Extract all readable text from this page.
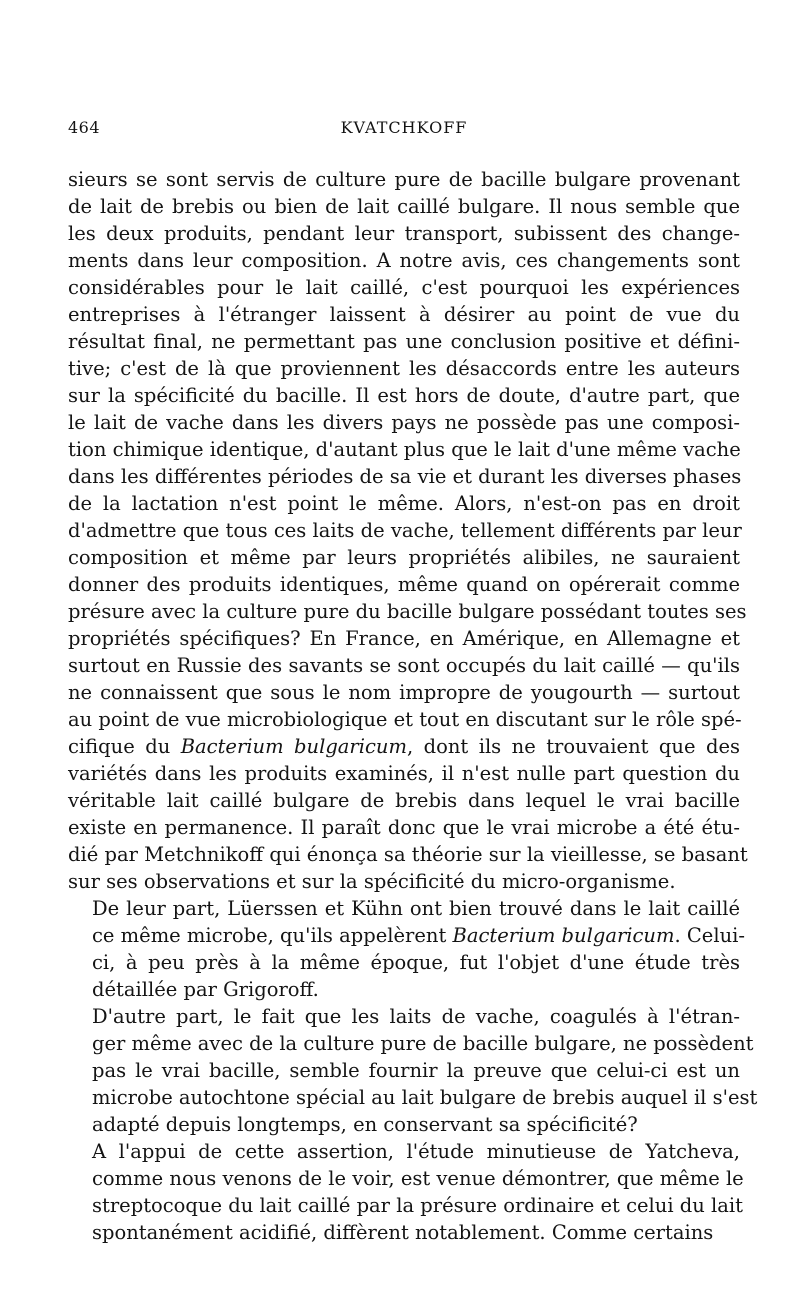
464	KVATCHKOFF

sieurs se sont servis de culture pure de bacille bulgare provenant
de lait de brebis ou bien de lait caillé bulgare. Il nous semble que
les deux produits, pendant leur transport, subissent des change-
ments dans leur composition. A notre avis, ces changements sont
considérables pour le lait caillé, c'est pourquoi les expériences
entreprises à l'étranger laissent à désirer au point de vue du
résultat final, ne permettant pas une conclusion positive et défini-
tive; c'est de là que proviennent les désaccords entre les auteurs
sur la spécificité du bacille. Il est hors de doute, d'autre part, que
le lait de vache dans les divers pays ne possède pas une composi-
tion chimique identique, d'autant plus que le lait d'une même vache
dans les différentes périodes de sa vie et durant les diverses phases
de la lactation n'est point le même. Alors, n'est-on pas en droit
d'admettre que tous ces laits de vache, tellement différents par leur
composition et même par leurs propriétés alibiles, ne sauraient
donner des produits identiques, même quand on opérerait comme
présure avec la culture pure du bacille bulgare possédant toutes ses
propriétés spécifiques? En France, en Amérique, en Allemagne et
surtout en Russie des savants se sont occupés du lait caillé — qu'ils
ne connaissent que sous le nom impropre de yougourth — surtout
au point de vue microbiologique et tout en discutant sur le rôle spé-
cifique du Bacterium bulgaricum, dont ils ne trouvaient que des
variétés dans les produits examinés, il n'est nulle part question du
véritable lait caillé bulgare de brebis dans lequel le vrai bacille
existe en permanence. Il paraît donc que le vrai microbe a été étu-
dié par Metchnikoff qui énonça sa théorie sur la vieillesse, se basant
sur ses observations et sur la spécificité du micro-organisme.

De leur part, Lüerssen et Kühn ont bien trouvé dans le lait caillé
ce même microbe, qu'ils appelèrent Bacterium bulgaricum. Celui-
ci, à peu près à la même époque, fut l'objet d'une étude très
détaillée par Grigoroff.

D'autre part, le fait que les laits de vache, coagulés à l'étran-
ger même avec de la culture pure de bacille bulgare, ne possèdent
pas le vrai bacille, semble fournir la preuve que celui-ci est un
microbe autochtone spécial au lait bulgare de brebis auquel il s'est
adapté depuis longtemps, en conservant sa spécificité?

A l'appui de cette assertion, l'étude minutieuse de Yatcheva,
comme nous venons de le voir, est venue démontrer, que même le
streptocoque du lait caillé par la présure ordinaire et celui du lait
spontanément acidifié, diffèrent notablement. Comme certains
